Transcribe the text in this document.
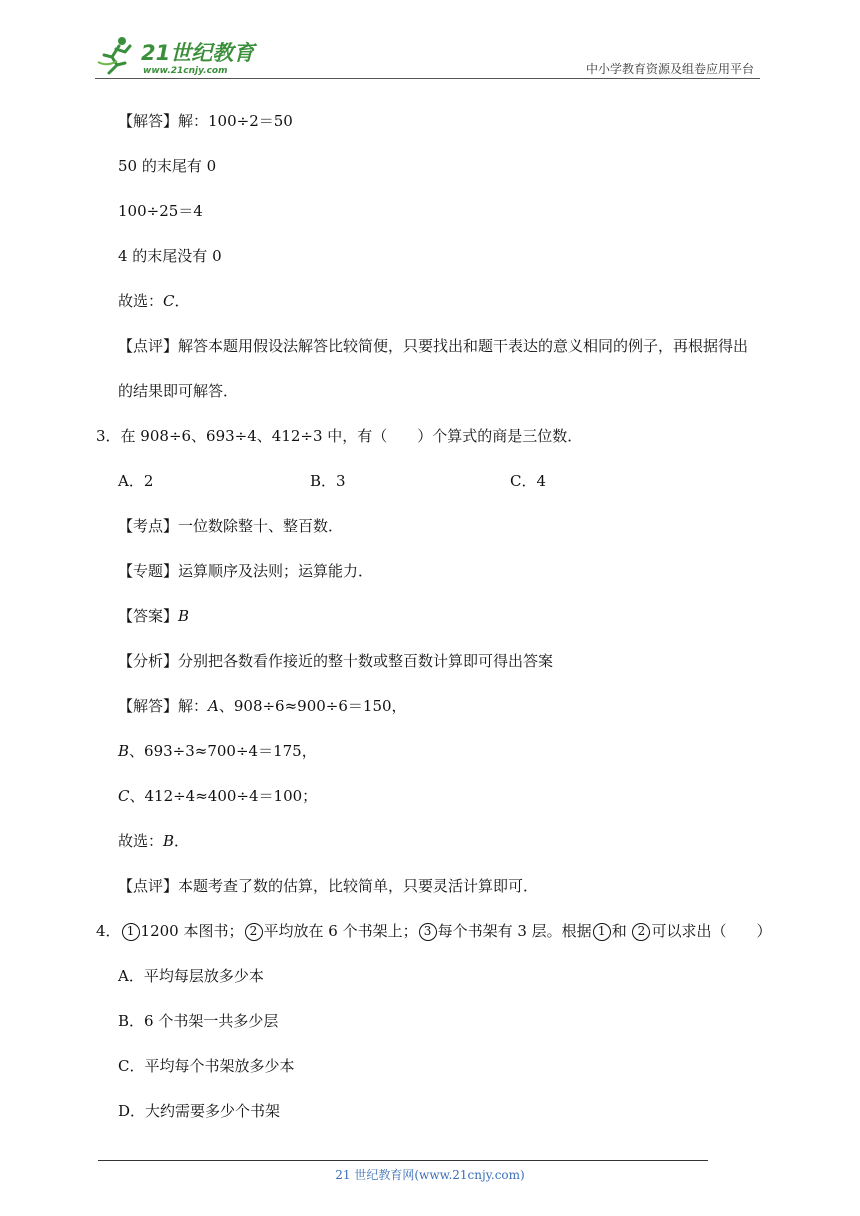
21世纪教育
www.21cnjy.com	中小学教育资源及组卷应用平台
【解答】解：100÷2＝50
50 的末尾有 0
100÷25＝4
4 的末尾没有 0
故选：C．
【点评】解答本题用假设法解答比较简便，只要找出和题干表达的意义相同的例子，再根据得出
的结果即可解答．
3．在 908÷6、693÷4、412÷3 中，有（　　）个算式的商是三位数．
A．2	B．3	C．4
【考点】一位数除整十、整百数．
【专题】运算顺序及法则；运算能力．
【答案】B
【分析】分别把各数看作接近的整十数或整百数计算即可得出答案
【解答】解：A、908÷6≈900÷6＝150，
B、693÷3≈700÷4＝175，
C、412÷4≈400÷4＝100；
故选：B．
【点评】本题考查了数的估算，比较简单，只要灵活计算即可．
4． 1 1200 本图书； 2 平均放在 6 个书架上； 3 每个书架有 3 层。根据 1 和 2 可以求出（　　）
A．平均每层放多少本
B．6 个书架一共多少层
C．平均每个书架放多少本
D．大约需要多少个书架
21 世纪教育网(www.21cnjy.com)
